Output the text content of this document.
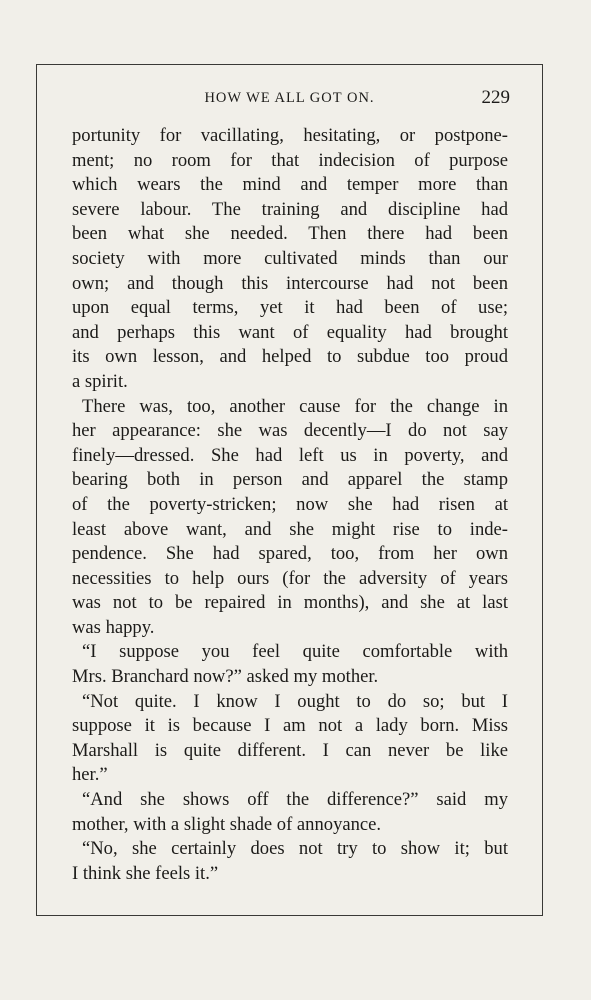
HOW WE ALL GOT ON.	229

portunity for vacillating, hesitating, or postpone-
ment; no room for that indecision of purpose
which wears the mind and temper more than
severe labour. The training and discipline had
been what she needed. Then there had been
society with more cultivated minds than our
own; and though this intercourse had not been
upon equal terms, yet it had been of use;
and perhaps this want of equality had brought
its own lesson, and helped to subdue too proud
a spirit.

There was, too, another cause for the change in
her appearance: she was decently—I do not say
finely—dressed. She had left us in poverty, and
bearing both in person and apparel the stamp
of the poverty-stricken; now she had risen at
least above want, and she might rise to inde-
pendence. She had spared, too, from her own
necessities to help ours (for the adversity of years
was not to be repaired in months), and she at last
was happy.

“I suppose you feel quite comfortable with
Mrs. Branchard now?” asked my mother.

“Not quite. I know I ought to do so; but I
suppose it is because I am not a lady born. Miss
Marshall is quite different. I can never be like
her.”

“And she shows off the difference?” said my
mother, with a slight shade of annoyance.

“No, she certainly does not try to show it; but
I think she feels it.”
